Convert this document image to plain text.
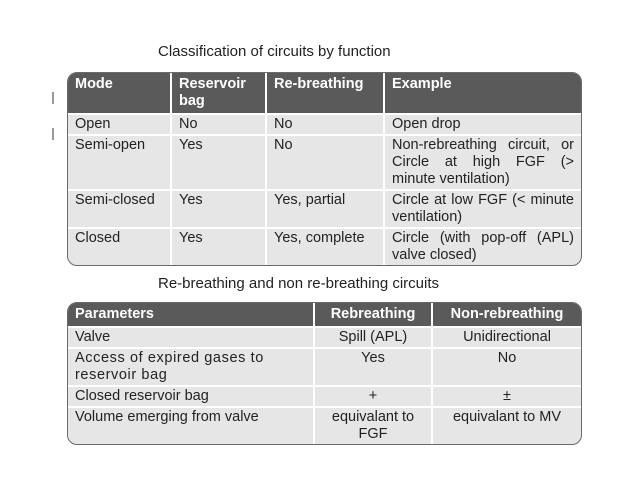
Classification of circuits by function
Mode	Reservoir bag	Re-breathing	Example
Open	No	No	Open drop
Semi-open	Yes	No	Non-rebreathing circuit, or Circle at high FGF (> minute ventilation)
Semi-closed	Yes	Yes, partial	Circle at low FGF (< minute ventilation)
Closed	Yes	Yes, complete	Circle (with pop-off (APL) valve closed)
Re-breathing and non re-breathing circuits
Parameters	Rebreathing	Non-rebreathing
Valve	Spill (APL)	Unidirectional
Access of expired gases to reservoir bag	Yes	No
Closed reservoir bag	+	±
Volume emerging from valve	equivalant to FGF	equivalant to MV
